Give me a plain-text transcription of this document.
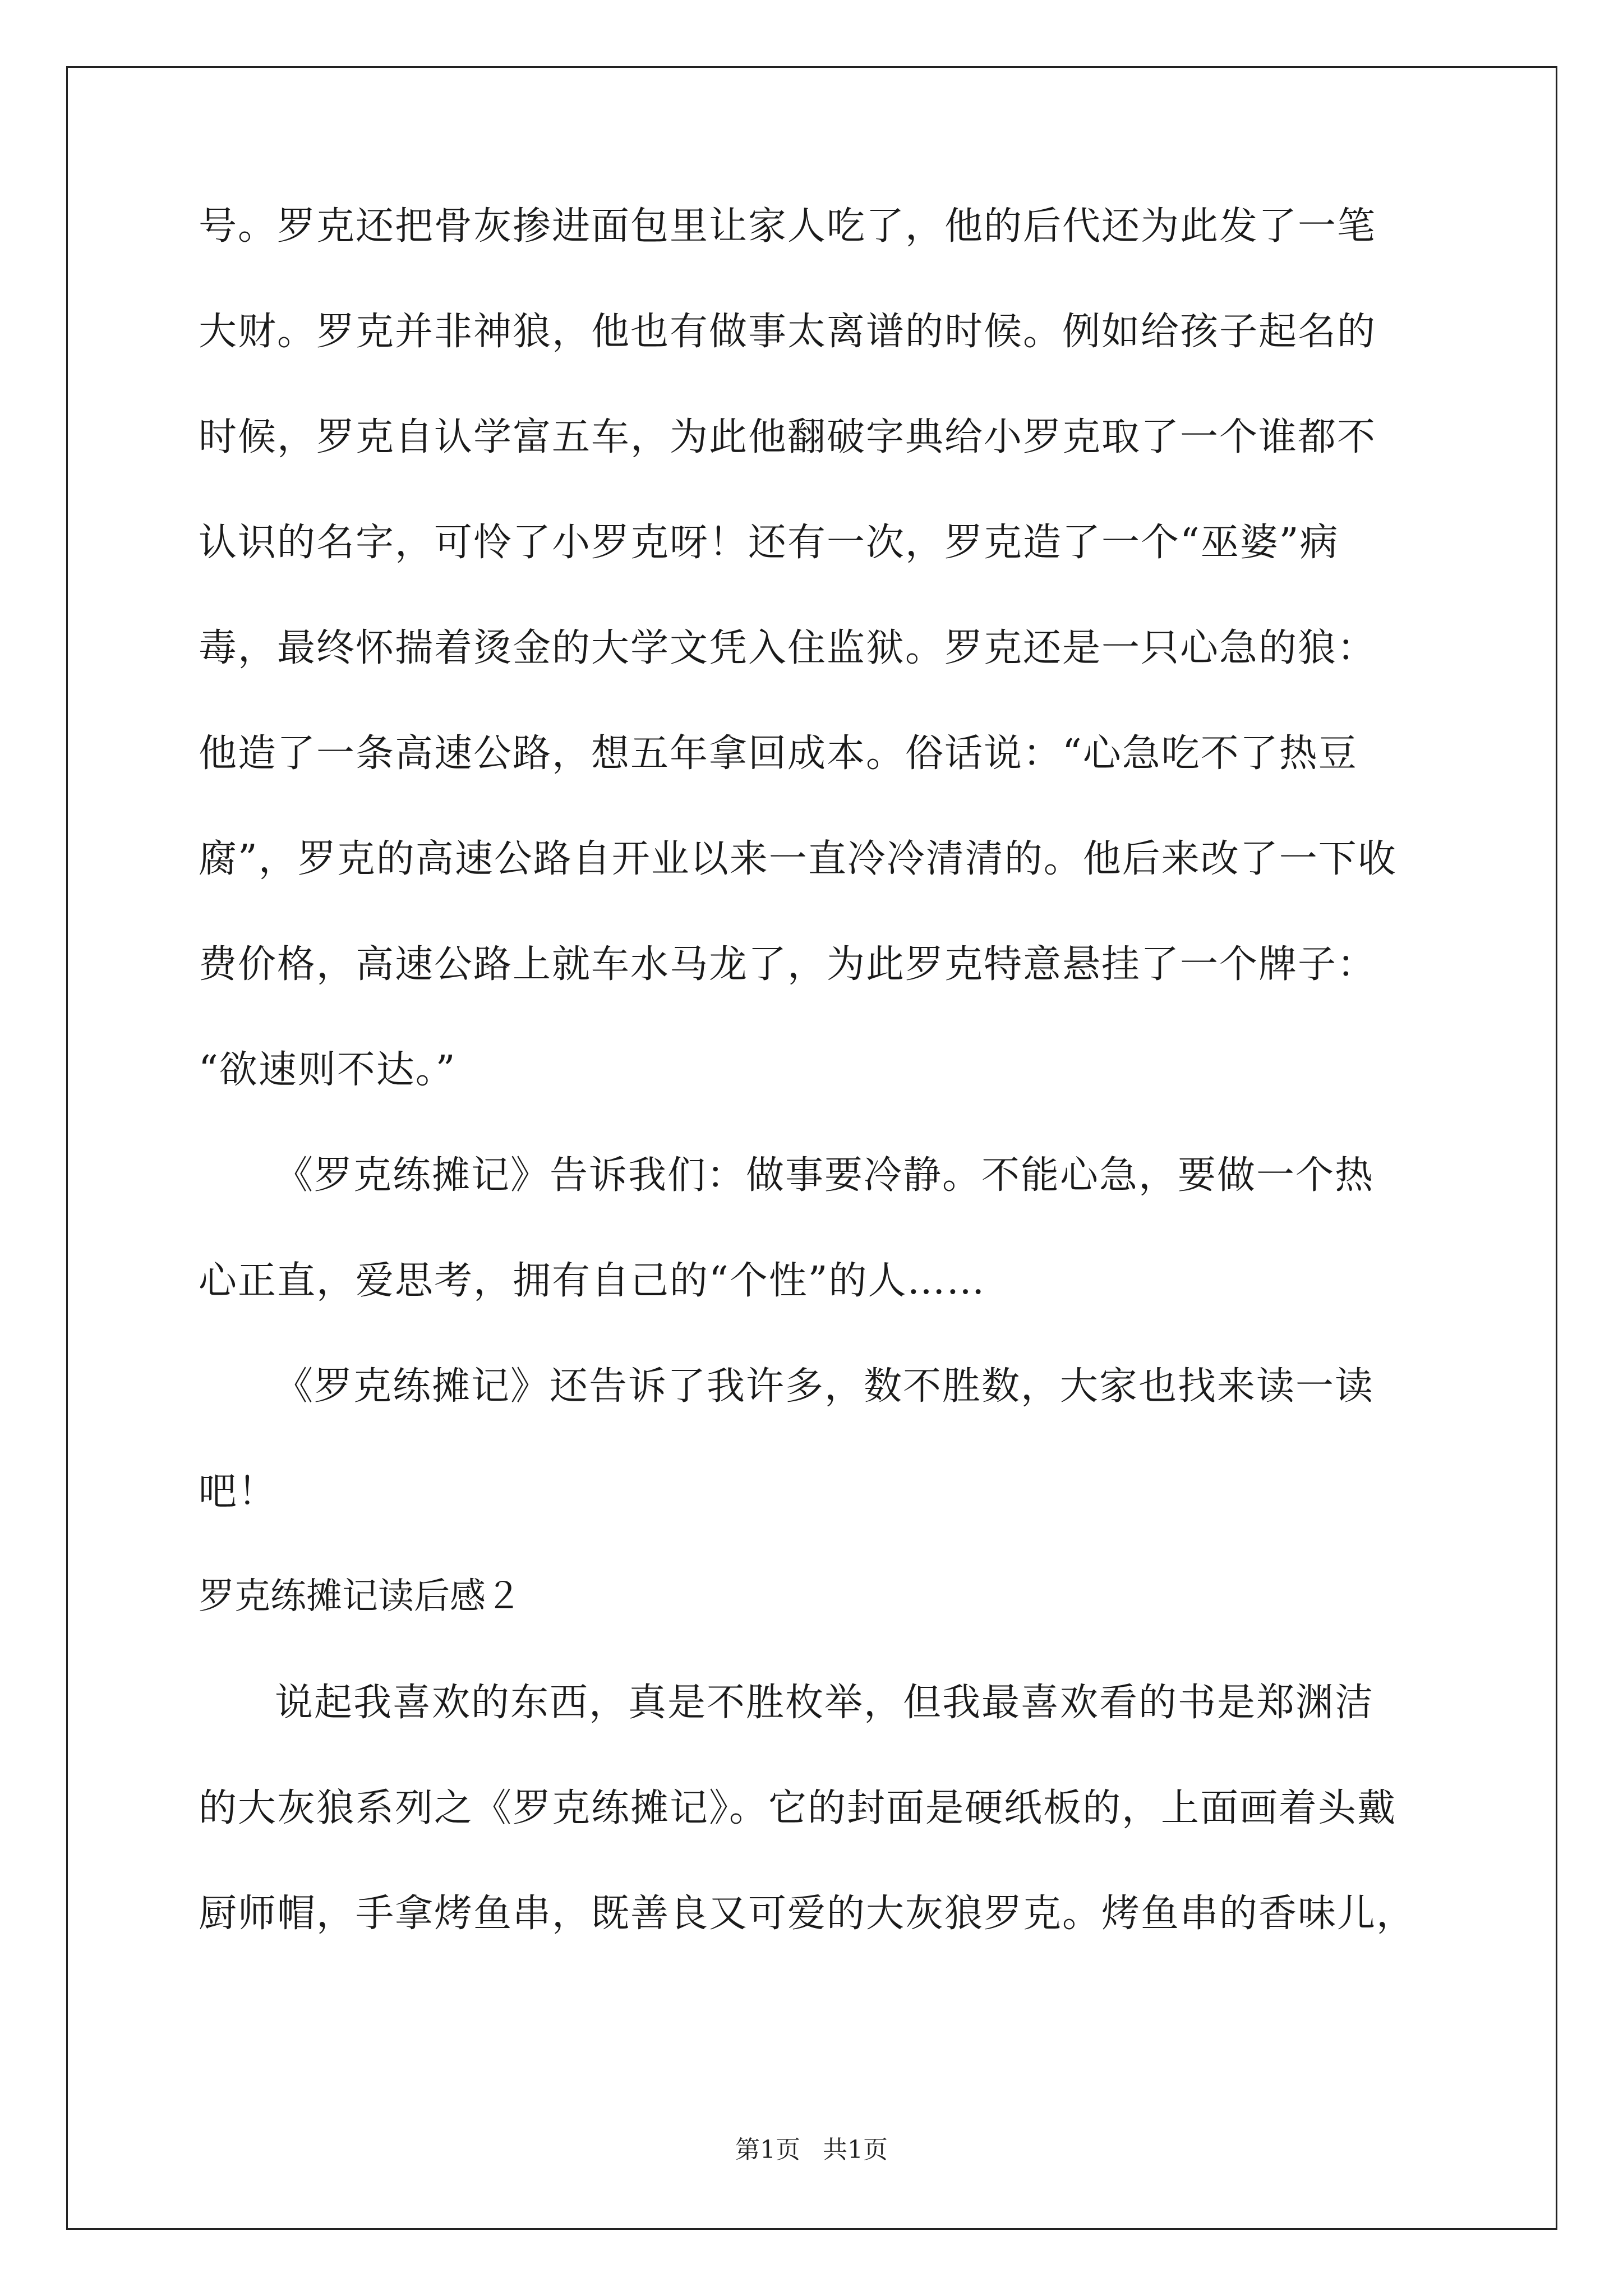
号。罗克还把骨灰掺进面包里让家人吃了，他的后代还为此发了一笔
大财。罗克并非神狼，他也有做事太离谱的时候。例如给孩子起名的
时候，罗克自认学富五车，为此他翻破字典给小罗克取了一个谁都不
认识的名字，可怜了小罗克呀！还有一次，罗克造了一个“巫婆”病
毒，最终怀揣着烫金的大学文凭入住监狱。罗克还是一只心急的狼：
他造了一条高速公路，想五年拿回成本。俗话说：“心急吃不了热豆
腐”，罗克的高速公路自开业以来一直冷冷清清的。他后来改了一下收
费价格，高速公路上就车水马龙了，为此罗克特意悬挂了一个牌子：
“欲速则不达。”
《罗克练摊记》告诉我们：做事要冷静。不能心急，要做一个热
心正直，爱思考，拥有自己的“个性”的人……
《罗克练摊记》还告诉了我许多，数不胜数，大家也找来读一读
吧！
罗克练摊记读后感２
说起我喜欢的东西，真是不胜枚举，但我最喜欢看的书是郑渊洁
的大灰狼系列之《罗克练摊记》。它的封面是硬纸板的，上面画着头戴
厨师帽，手拿烤鱼串，既善良又可爱的大灰狼罗克。烤鱼串的香味儿，
第1页 共1页
